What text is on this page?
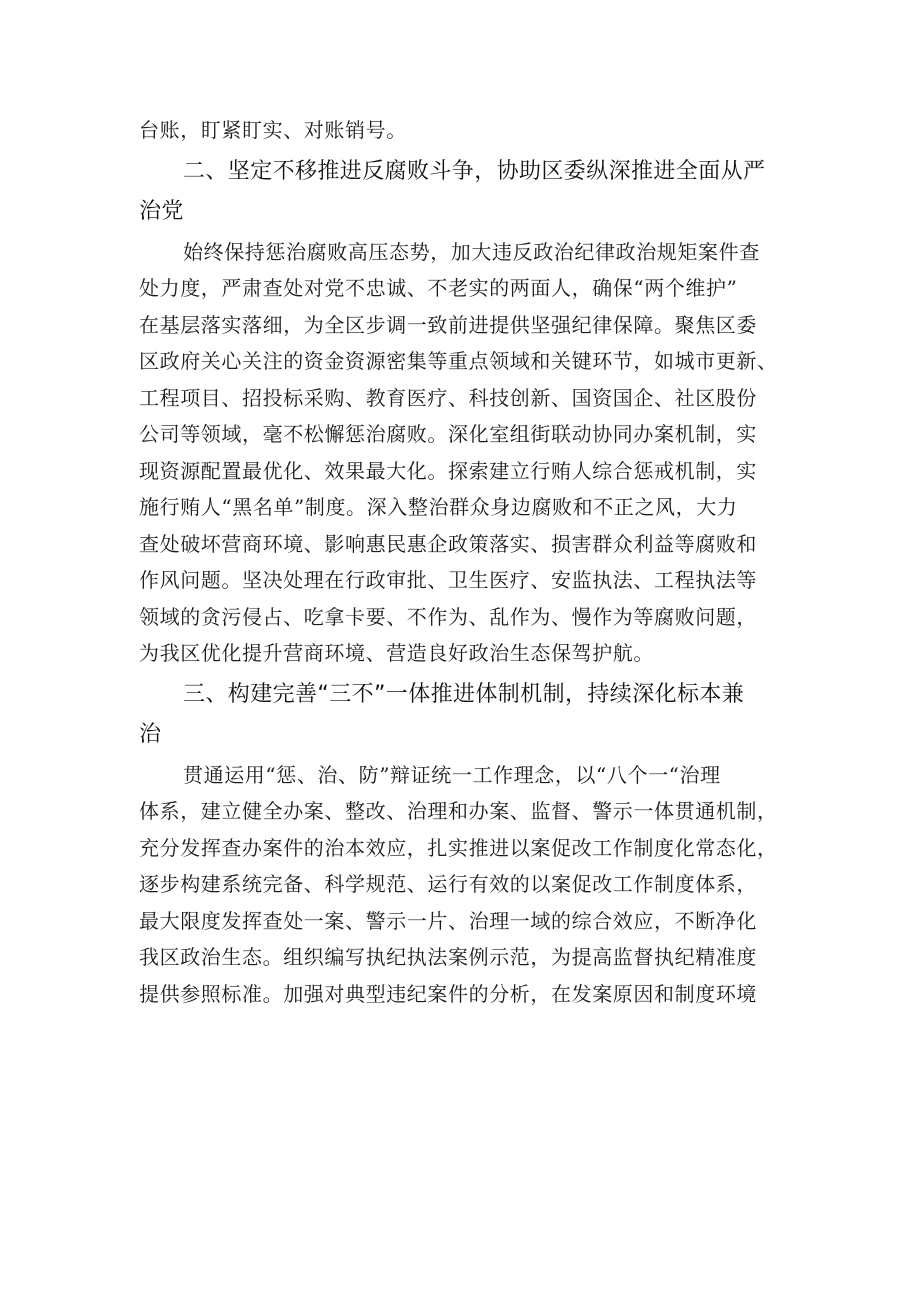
台账，盯紧盯实、对账销号。

二、坚定不移推进反腐败斗争，协助区委纵深推进全面从严

治党

始终保持惩治腐败高压态势，加大违反政治纪律政治规矩案件查

处力度，严肃查处对党不忠诚、不老实的两面人，确保“两个维护”

在基层落实落细，为全区步调一致前进提供坚强纪律保障。聚焦区委

区政府关心关注的资金资源密集等重点领域和关键环节，如城市更新、

工程项目、招投标采购、教育医疗、科技创新、国资国企、社区股份

公司等领域，毫不松懈惩治腐败。深化室组街联动协同办案机制，实

现资源配置最优化、效果最大化。探索建立行贿人综合惩戒机制，实

施行贿人“黑名单”制度。深入整治群众身边腐败和不正之风，大力

查处破坏营商环境、影响惠民惠企政策落实、损害群众利益等腐败和

作风问题。坚决处理在行政审批、卫生医疗、安监执法、工程执法等

领域的贪污侵占、吃拿卡要、不作为、乱作为、慢作为等腐败问题，

为我区优化提升营商环境、营造良好政治生态保驾护航。

三、构建完善“三不”一体推进体制机制，持续深化标本兼

治

贯通运用“惩、治、防”辩证统一工作理念，以“八个一“治理

体系，建立健全办案、整改、治理和办案、监督、警示一体贯通机制，

充分发挥查办案件的治本效应，扎实推进以案促改工作制度化常态化，

逐步构建系统完备、科学规范、运行有效的以案促改工作制度体系，

最大限度发挥查处一案、警示一片、治理一域的综合效应，不断净化

我区政治生态。组织编写执纪执法案例示范，为提高监督执纪精准度

提供参照标准。加强对典型违纪案件的分析，在发案原因和制度环境
